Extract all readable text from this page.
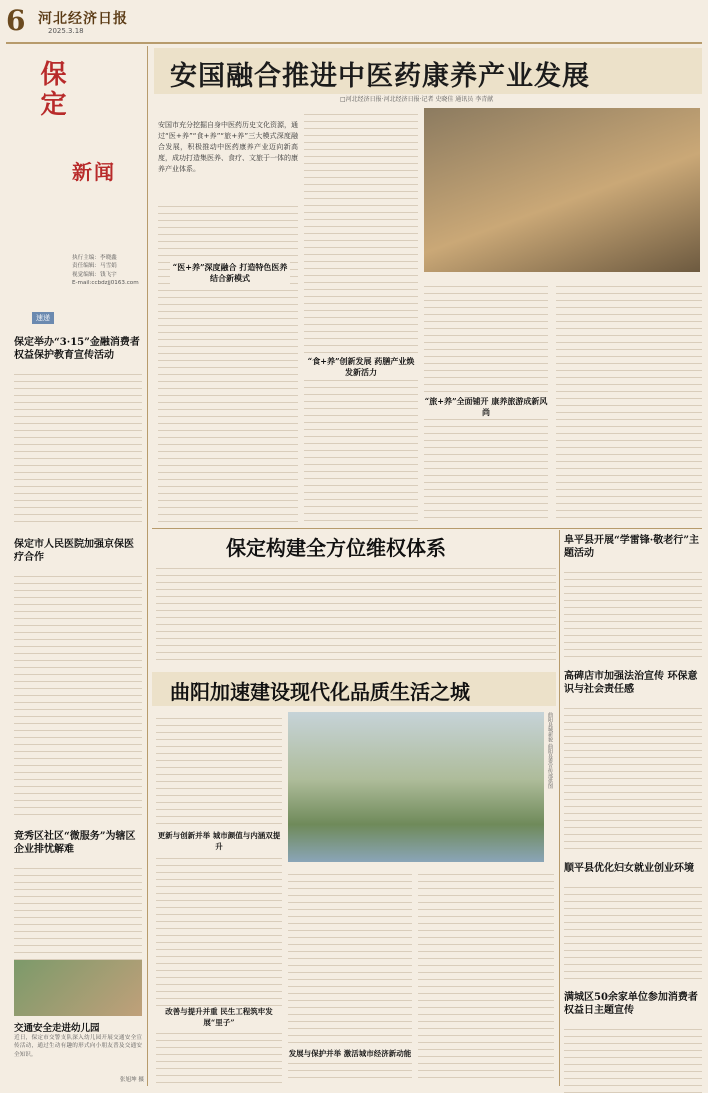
6 河北经济日报
2025.3.18
保定
新闻
执行主编：李晓鑫
责任编辑：马雪娟
视觉编辑：钱飞宇
E-mail:ccbdzjj0163.com
速递
保定举办“3·15”金融消费者权益保护教育宣传活动
保定市人民医院加强京保医疗合作
竞秀区社区“微服务”为辖区企业排忧解难
交通安全走进幼儿园
近日，保定市交警支队深入幼儿园开展交通安全宣传活动，通过生动有趣的形式向小朋友普及交通安全知识。
张旭坤 摄
安国融合推进中医药康养产业发展
□河北经济日报·河北经济日报·记者 史晓佳 通讯员 李青献
安国市充分挖掘自身中医药历史文化资源，通过“医+养”“食+养”“旅+养”三大模式深度融合发展，积极推动中医药康养产业迈向新高度，成功打造集医养、食疗、文旅于一体的康养产业体系。
“医+养”深度融合 打造特色医养结合新模式
“食+养”创新发展 药膳产业焕发新活力
“旅+养”全面铺开 康养旅游成新风尚
保定构建全方位维权体系	阜平县开展“学雷锋·敬老行”主题活动
高碑店市加强法治宣传 环保意识与社会责任感
顺平县优化妇女就业创业环境
满城区50余家单位参加消费者权益日主题宣传
曲阳加速建设现代化品质生活之城
更新与创新并举 城市颜值与内涵双提升
改善与提升并重 民生工程筑牢发展“里子”
曲阳县城新貌 曲阳县委宣传部供图
发展与保护并举 激活城市经济新动能
